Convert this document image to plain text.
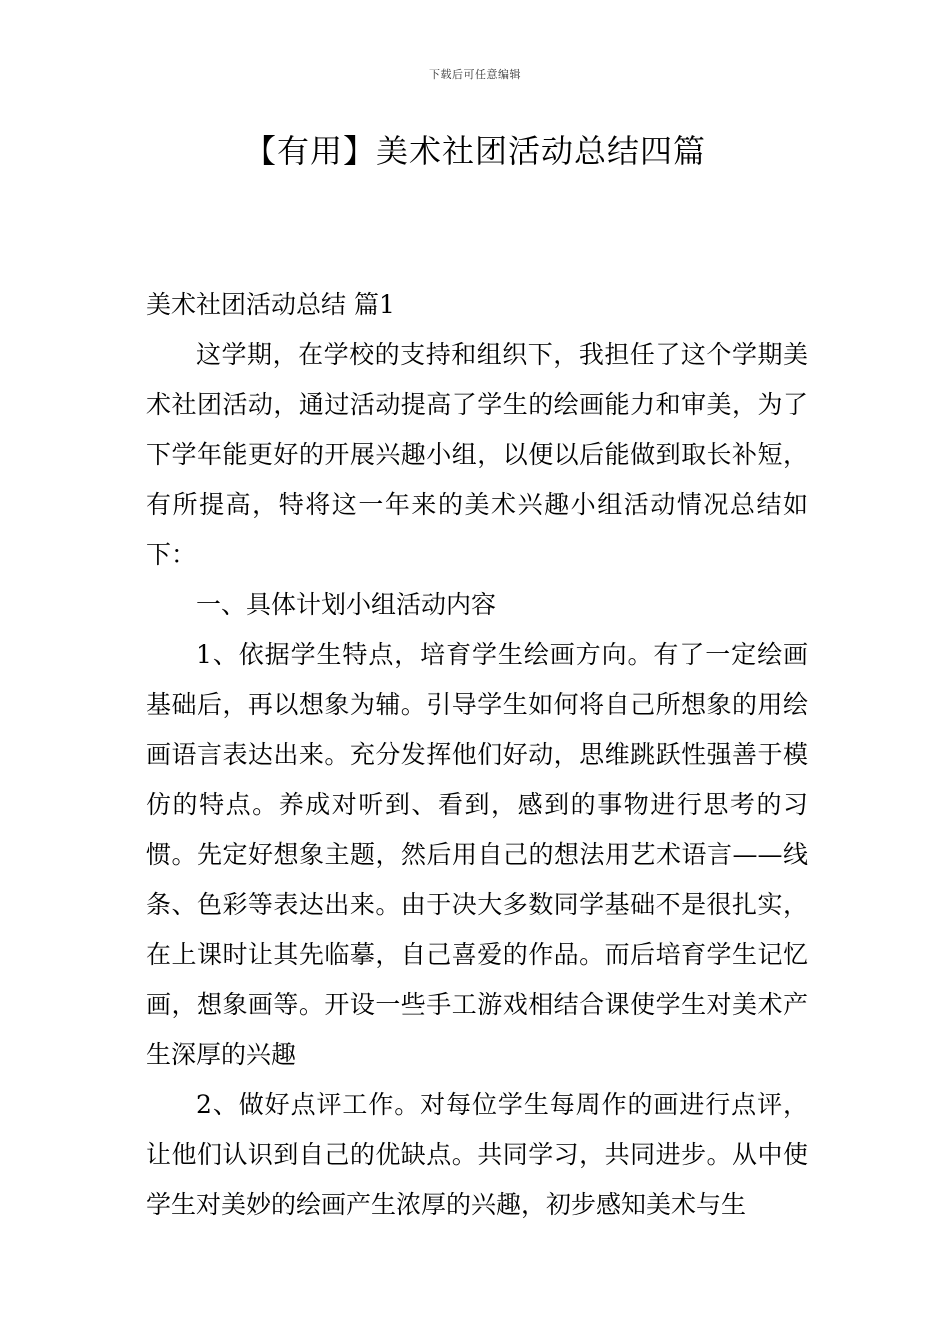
下载后可任意编辑
【有用】美术社团活动总结四篇

美术社团活动总结 篇1

这学期，在学校的支持和组织下，我担任了这个学期美术社团活动，通过活动提高了学生的绘画能力和审美，为了下学年能更好的开展兴趣小组，以便以后能做到取长补短，有所提高，特将这一年来的美术兴趣小组活动情况总结如下：

一、具体计划小组活动内容

1、依据学生特点，培育学生绘画方向。有了一定绘画基础后，再以想象为辅。引导学生如何将自己所想象的用绘画语言表达出来。充分发挥他们好动，思维跳跃性强善于模仿的特点。养成对听到、看到，感到的事物进行思考的习惯。先定好想象主题，然后用自己的想法用艺术语言——线条、色彩等表达出来。由于决大多数同学基础不是很扎实，在上课时让其先临摹，自己喜爱的作品。而后培育学生记忆画，想象画等。开设一些手工游戏相结合课使学生对美术产生深厚的兴趣

2、做好点评工作。对每位学生每周作的画进行点评，让他们认识到自己的优缺点。共同学习，共同进步。从中使学生对美妙的绘画产生浓厚的兴趣，初步感知美术与生
